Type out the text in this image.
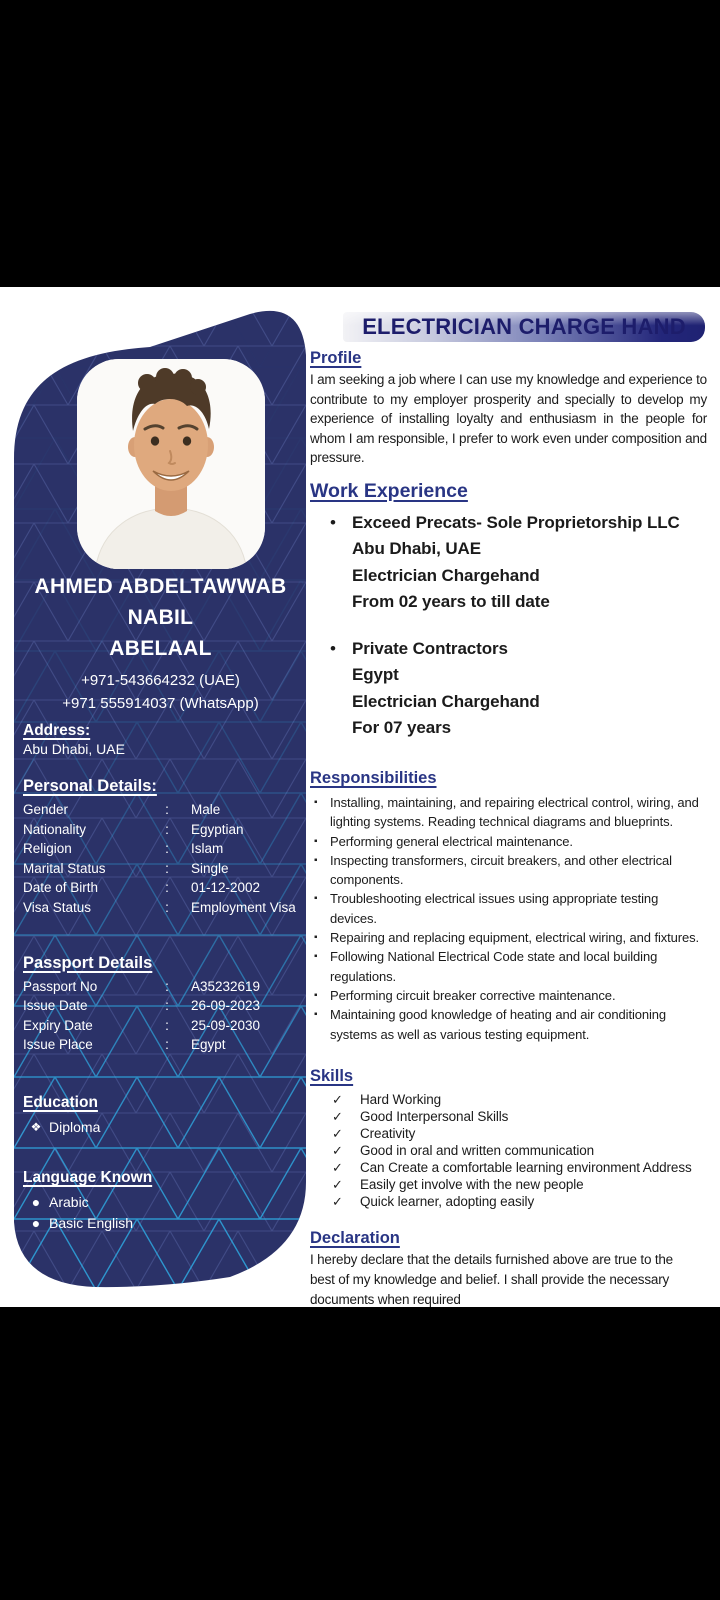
AHMED ABDELTAWWAB NABIL
ABELAAL
+971-543664232 (UAE)
+971 555914037 (WhatsApp)
Address:
Abu Dhabi, UAE
Personal Details:
Gender	:	Male
Nationality	:	Egyptian
Religion	:	Islam
Marital Status	:	Single
Date of Birth	:	01-12-2002
Visa Status	:	Employment Visa
Passport Details
Passport No	:	A35232619
Issue Date	:	26-09-2023
Expiry Date	:	25-09-2030
Issue Place	:	Egypt
Education
❖ Diploma
Language Known
● Arabic
● Basic English
ELECTRICIAN CHARGE HAND
Profile

I am seeking a job where I can use my knowledge and experience to contribute to my employer prosperity and specially to develop my experience of installing loyalty and enthusiasm in the people for whom I am responsible, I prefer to work even under composition and pressure.

Work Experience
• Exceed Precats- Sole Proprietorship LLC
Abu Dhabi, UAE
Electrician Chargehand
From 02 years to till date
• Private Contractors
Egypt
Electrician Chargehand
For 07 years
Responsibilities
▪ Installing, maintaining, and repairing electrical control, wiring, and lighting systems. Reading technical diagrams and blueprints.
▪ Performing general electrical maintenance.
▪ Inspecting transformers, circuit breakers, and other electrical components.
▪ Troubleshooting electrical issues using appropriate testing devices.
▪ Repairing and replacing equipment, electrical wiring, and fixtures.
▪ Following National Electrical Code state and local building regulations.
▪ Performing circuit breaker corrective maintenance.
▪ Maintaining good knowledge of heating and air conditioning systems as well as various testing equipment.
Skills
✓	Hard Working
✓	Good Interpersonal Skills
✓	Creativity
✓	Good in oral and written communication
✓	Can Create a comfortable learning environment Address
✓	Easily get involve with the new people
✓	Quick learner, adopting easily
Declaration

I hereby declare that the details furnished above are true to the best of my knowledge and belief. I shall provide the necessary documents when required
